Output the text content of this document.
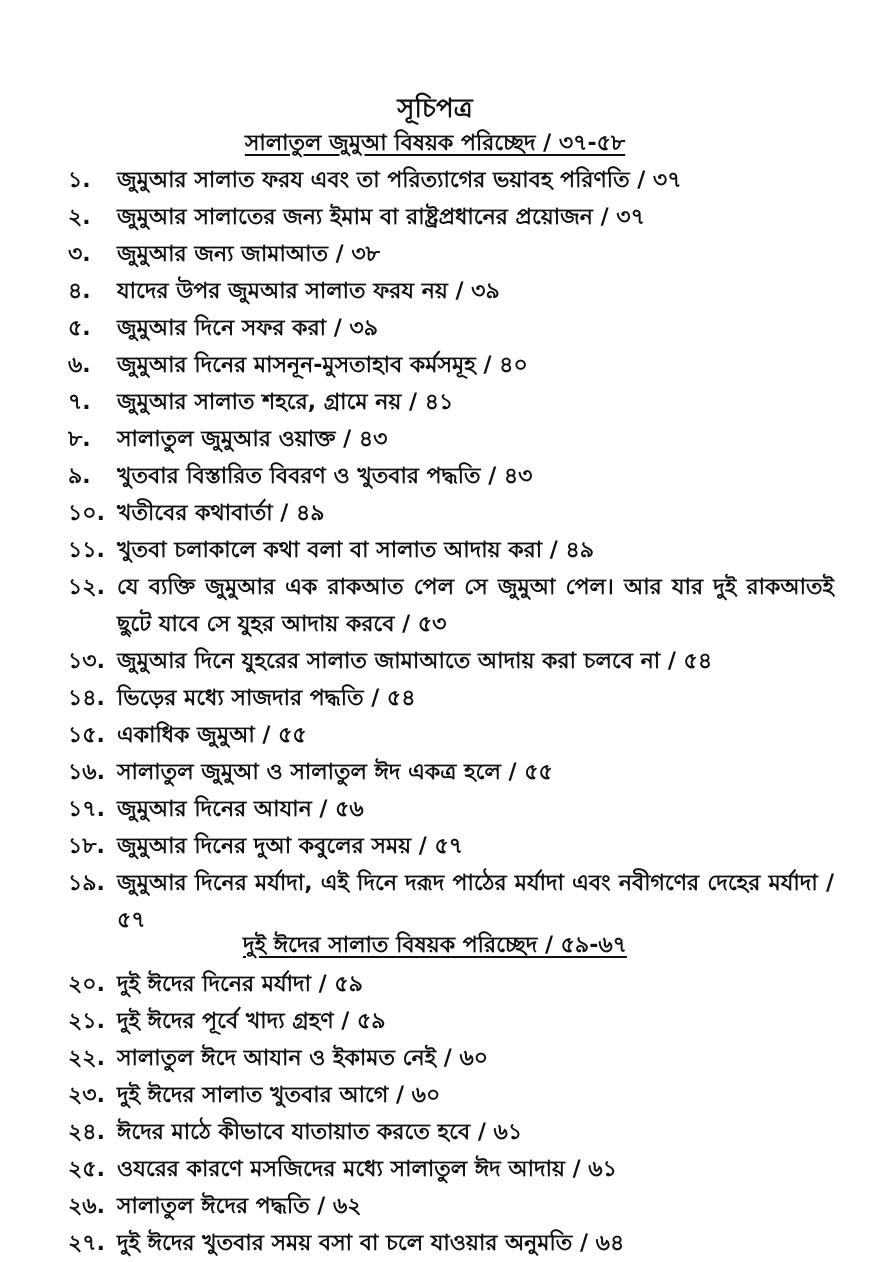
সূচিপত্র
সালাতুল জুমুআ বিষয়ক পরিচ্ছেদ / ৩৭-৫৮
১. জুমুআর সালাত ফরয এবং তা পরিত্যাগের ভয়াবহ পরিণতি / ৩৭
২. জুমুআর সালাতের জন্য ইমাম বা রাষ্ট্রপ্রধানের প্রয়োজন / ৩৭
৩. জুমুআর জন্য জামাআত / ৩৮
৪. যাদের উপর জুমআর সালাত ফরয নয় / ৩৯
৫. জুমুআর দিনে সফর করা / ৩৯
৬. জুমুআর দিনের মাসনূন-মুসতাহাব কর্মসমূহ / ৪০
৭. জুমুআর সালাত শহরে, গ্রামে নয় / ৪১
৮. সালাতুল জুমুআর ওয়াক্ত / ৪৩
৯. খুতবার বিস্তারিত বিবরণ ও খুতবার পদ্ধতি / ৪৩
১০. খতীবের কথাবার্তা / ৪৯
১১. খুতবা চলাকালে কথা বলা বা সালাত আদায় করা / ৪৯
১২. যে ব্যক্তি জুমুআর এক রাকআত পেল সে জুমুআ পেল। আর যার দুই রাকআতই ছুটে যাবে সে যুহর আদায় করবে / ৫৩
১৩. জুমুআর দিনে যুহরের সালাত জামাআতে আদায় করা চলবে না / ৫৪
১৪. ভিড়ের মধ্যে সাজদার পদ্ধতি / ৫৪
১৫. একাধিক জুমুআ / ৫৫
১৬. সালাতুল জুমুআ ও সালাতুল ঈদ একত্র হলে / ৫৫
১৭. জুমুআর দিনের আযান / ৫৬
১৮. জুমুআর দিনের দুআ কবুলের সময় / ৫৭
১৯. জুমুআর দিনের মর্যাদা, এই দিনে দরূদ পাঠের মর্যাদা এবং নবীগণের দেহের মর্যাদা / ৫৭
দুই ঈদের সালাত বিষয়ক পরিচ্ছেদ / ৫৯-৬৭
২০. দুই ঈদের দিনের মর্যাদা / ৫৯
২১. দুই ঈদের পূর্বে খাদ্য গ্রহণ / ৫৯
২২. সালাতুল ঈদে আযান ও ইকামত নেই / ৬০
২৩. দুই ঈদের সালাত খুতবার আগে / ৬০
২৪. ঈদের মাঠে কীভাবে যাতায়াত করতে হবে / ৬১
২৫. ওযরের কারণে মসজিদের মধ্যে সালাতুল ঈদ আদায় / ৬১
২৬. সালাতুল ঈদের পদ্ধতি / ৬২
২৭. দুই ঈদের খুতবার সময় বসা বা চলে যাওয়ার অনুমতি / ৬৪
